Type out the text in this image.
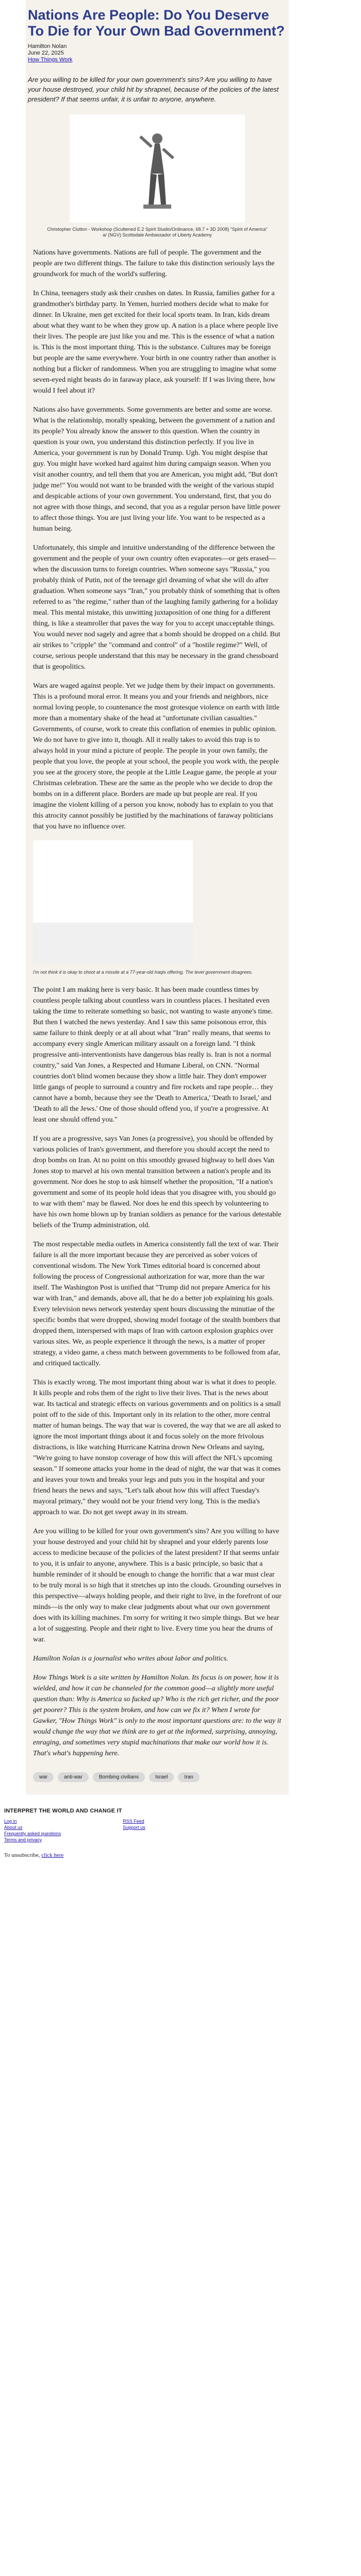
Nations Are People: Do You Deserve To Die for Your Own Bad Government?
Hamilton Nolan
June 22, 2025
How Things Work
Are you willing to be killed for your own government's sins? Are you willing to have your house destroyed, your child hit by shrapnel, because of the policies of the latest president? If that seems unfair, it is unfair to anyone, anywhere.
Christopher Clutton - Workshop (Scuttened E.2 Spirit Studio/Ordinance, 68.7 × 3D 2008) "Spirit of America" a/ (NGV) Scottsdale Ambassador of Liberty Academy

Nations have governments. Nations are full of people. The government and the people are two different things. The failure to take this distinction seriously lays the groundwork for much of the world's suffering.

In China, teenagers study ask their crushes on dates. In Russia, families gather for a grandmother's birthday party. In Yemen, hurried mothers decide what to make for dinner. In Ukraine, men get excited for their local sports team. In Iran, kids dream about what they want to be when they grow up. A nation is a place where people live their lives. The people are just like you and me. This is the essence of what a nation is. This is the most important thing. This is the substance. Cultures may be foreign but people are the same everywhere. Your birth in one country rather than another is nothing but a flicker of randomness. When you are struggling to imagine what some seven-eyed night beasts do in faraway place, ask yourself: If I was living there, how would I feel about it?

Nations also have governments. Some governments are better and some are worse. What is the relationship, morally speaking, between the government of a nation and its people? You already know the answer to this question. When the country in question is your own, you understand this distinction perfectly. If you live in America, your government is run by Donald Trump. Ugh. You might despise that guy. You might have worked hard against him during campaign season. When you visit another country, and tell them that you are American, you might add, "But don't judge me!" You would not want to be branded with the weight of the various stupid and despicable actions of your own government. You understand, first, that you do not agree with those things, and second, that you as a regular person have little power to affect those things. You are just living your life. You want to be respected as a human being.

Unfortunately, this simple and intuitive understanding of the difference between the government and the people of your own country often evaporates—or gets erased—when the discussion turns to foreign countries. When someone says "Russia," you probably think of Putin, not of the teenage girl dreaming of what she will do after graduation. When someone says "Iran," you probably think of something that is often referred to as "the regime," rather than of the laughing family gathering for a holiday meal. This mental mistake, this unwitting juxtaposition of one thing for a different thing, is like a steamroller that paves the way for you to accept unacceptable things. You would never nod sagely and agree that a bomb should be dropped on a child. But air strikes to "cripple" the "command and control" of a "hostile regime?" Well, of course, serious people understand that this may be necessary in the grand chessboard that is geopolitics.

Wars are waged against people. Yet we judge them by their impact on governments. This is a profound moral error. It means you and your friends and neighbors, nice normal loving people, to countenance the most grotesque violence on earth with little more than a momentary shake of the head at "unfortunate civilian casualties." Governments, of course, work to create this conflation of enemies in public opinion. We do not have to give into it, though. All it really takes to avoid this trap is to always hold in your mind a picture of people. The people in your own family, the people that you love, the people at your school, the people you work with, the people you see at the grocery store, the people at the Little League game, the people at your Christmas celebration. These are the same as the people who we decide to drop the bombs on in a different place. Borders are made up but people are real. If you imagine the violent killing of a person you know, nobody has to explain to you that this atrocity cannot possibly be justified by the machinations of faraway politicians that you have no influence over.

I'm not think it is okay to shoot at a missile at a 77-year-old Iraqis offering. The level government disagrees.

The point I am making here is very basic. It has been made countless times by countless people talking about countless wars in countless places. I hesitated even taking the time to reiterate something so basic, not wanting to waste anyone's time. But then I watched the news yesterday. And I saw this same poisonous error, this same failure to think deeply or at all about what "Iran" really means, that seems to accompany every single American military assault on a foreign land. "I think progressive anti-interventionists have dangerous bias really is. Iran is not a normal country," said Van Jones, a Respected and Humane Liberal, on CNN. "Normal countries don't blind women because they show a little hair. They don't empower little gangs of people to surround a country and fire rockets and rape people… they cannot have a bomb, because they see the 'Death to America,' 'Death to Israel,' and 'Death to all the Jews.' One of those should offend you, if you're a progressive. At least one should offend you."

If you are a progressive, says Van Jones (a progressive), you should be offended by various policies of Iran's government, and therefore you should accept the need to drop bombs on Iran. At no point on this smoothly greased highway to hell does Van Jones stop to marvel at his own mental transition between a nation's people and its government. Nor does he stop to ask himself whether the proposition, "If a nation's government and some of its people hold ideas that you disagree with, you should go to war with them" may be flawed. Nor does he end this speech by volunteering to have his own home blown up by Iranian soldiers as penance for the various detestable beliefs of the Trump administration, old.

The most respectable media outlets in America consistently fall the text of war. Their failure is all the more important because they are perceived as sober voices of conventional wisdom. The New York Times editorial board is concerned about following the process of Congressional authorization for war, more than the war itself. The Washington Post is unified that "Trump did not prepare America for his war with Iran," and demands, above all, that he do a better job explaining his goals. Every television news network yesterday spent hours discussing the minutiae of the specific bombs that were dropped, showing model footage of the stealth bombers that dropped them, interspersed with maps of Iran with cartoon explosion graphics over various sites. We, as people experience it through the news, is a matter of proper strategy, a video game, a chess match between governments to be followed from afar, and critiqued tactically.

This is exactly wrong. The most important thing about war is what it does to people. It kills people and robs them of the right to live their lives. That is the news about war. Its tactical and strategic effects on various governments and on politics is a small point off to the side of this. Important only in its relation to the other, more central matter of human beings. The way that war is covered, the way that we are all asked to ignore the most important things about it and focus solely on the more frivolous distractions, is like watching Hurricane Katrina drown New Orleans and saying, "We're going to have nonstop coverage of how this will affect the NFL's upcoming season." If someone attacks your home in the dead of night, the war that was it comes and leaves your town and breaks your legs and puts you in the hospital and your friend hears the news and says, "Let's talk about how this will affect Tuesday's mayoral primary," they would not be your friend very long. This is the media's approach to war. Do not get swept away in its stream.

Are you willing to be killed for your own government's sins? Are you willing to have your house destroyed and your child hit by shrapnel and your elderly parents lose access to medicine because of the policies of the latest president? If that seems unfair to you, it is unfair to anyone, anywhere. This is a basic principle, so basic that a humble reminder of it should be enough to change the horrific that a war must clear to be truly moral is so high that it stretches up into the clouds. Grounding ourselves in this perspective—always holding people, and their right to live, in the forefront of our minds—is the only way to make clear judgments about what our own government does with its killing machines. I'm sorry for writing it two simple things. But we hear a lot of suggesting. People and their right to live. Every time you hear the drums of war.

Hamilton Nolan is a journalist who writes about labor and politics.

How Things Work is a site written by Hamilton Nolan. Its focus is on power, how it is wielded, and how it can be channeled for the common good—a slightly more useful question than: Why is America so fucked up? Who is the rich get richer, and the poor get poorer? This is the system broken, and how can we fix it? When I wrote for Gawker, "How Things Work" is only to the most important questions are: to the way it would change the way that we think are to get at the informed, surprising, annoying, enraging, and sometimes very stupid machinations that make our world how it is. That's what's happening here.

war	anti-war	Bombing civilians	Israel	Iran
INTERPRET THE WORLD AND CHANGE IT
Log in
About us
Frequently asked questions
Terms and privacy
RSS Feed
Support us
To unsubscribe, click here
